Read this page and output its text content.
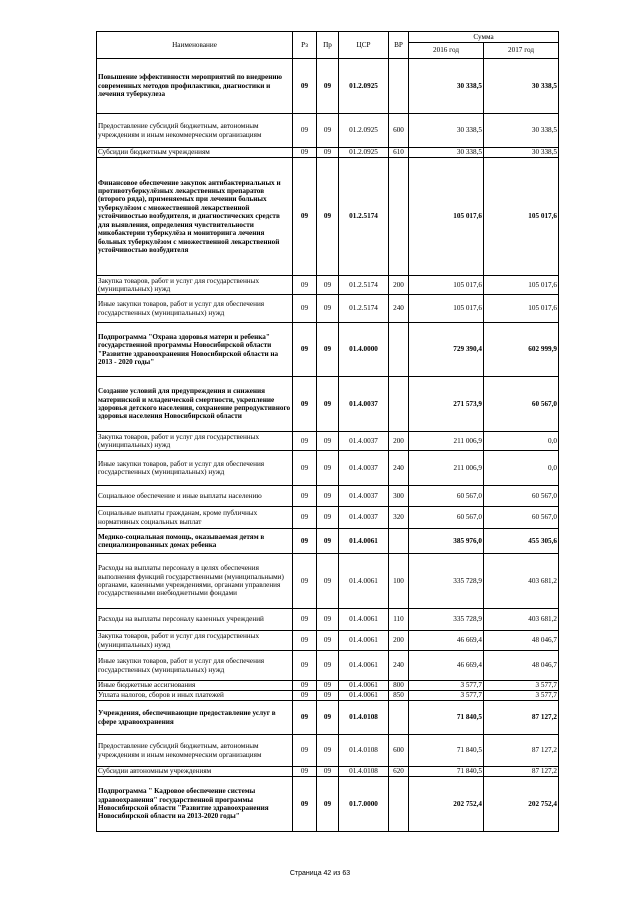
Наименование	Рз	Пр	ЦСР	ВР	Сумма	
					2016 год	2017 год
Повышение эффективности мероприятий по внедрению современных методов профилактики, диагностики и лечения туберкулеза	09	09	01.2.0925		30 338,5	30 338,5
Предоставление субсидий бюджетным, автономным учреждениям и иным некоммерческим организациям	09	09	01.2.0925	600	30 338,5	30 338,5
Субсидии бюджетным учреждениям	09	09	01.2.0925	610	30 338,5	30 338,5
Финансовое обеспечение закупок антибактериальных и противотуберкулёзных лекарственных препаратов (второго ряда), применяемых при лечении больных туберкулёзом с множественной лекарственной устойчивостью возбудителя, и диагностических средств для выявления, определения чувствительности микобактерии туберкулёза и мониторинга лечения больных туберкулёзом с множественной лекарственной устойчивостью возбудителя	09	09	01.2.5174		105 017,6	105 017,6
Закупка товаров, работ и услуг для государственных (муниципальных) нужд	09	09	01.2.5174	200	105 017,6	105 017,6
Иные закупки товаров, работ и услуг для обеспечения государственных (муниципальных) нужд	09	09	01.2.5174	240	105 017,6	105 017,6
Подпрограмма "Охрана здоровья матери и ребенка" государственной программы Новосибирской области "Развитие здравоохранения Новосибирской области на 2013 - 2020 годы"	09	09	01.4.0000		729 390,4	602 999,9
Создание условий для предупреждения и снижения материнской и младенческой смертности, укрепление здоровья детского населения, сохранение репродуктивного здоровья населения Новосибирской области	09	09	01.4.0037		271 573,9	60 567,0
Закупка товаров, работ и услуг для государственных (муниципальных) нужд	09	09	01.4.0037	200	211 006,9	0,0
Иные закупки товаров, работ и услуг для обеспечения государственных (муниципальных) нужд	09	09	01.4.0037	240	211 006,9	0,0
Социальное обеспечение и иные выплаты населению	09	09	01.4.0037	300	60 567,0	60 567,0
Социальные выплаты гражданам, кроме публичных нормативных социальных выплат	09	09	01.4.0037	320	60 567,0	60 567,0
Медико-социальная помощь, оказываемая детям в специализированных домах ребенка	09	09	01.4.0061		385 976,0	455 305,6
Расходы на выплаты персоналу в целях обеспечения выполнения функций государственными (муниципальными) органами, казенными учреждениями, органами управления государственными внебюджетными фондами	09	09	01.4.0061	100	335 728,9	403 681,2
Расходы на выплаты персоналу казенных учреждений	09	09	01.4.0061	110	335 728,9	403 681,2
Закупка товаров, работ и услуг для государственных (муниципальных) нужд	09	09	01.4.0061	200	46 669,4	48 046,7
Иные закупки товаров, работ и услуг для обеспечения государственных (муниципальных) нужд	09	09	01.4.0061	240	46 669,4	48 046,7
Иные бюджетные ассигнования	09	09	01.4.0061	800	3 577,7	3 577,7
Уплата налогов, сборов и иных платежей	09	09	01.4.0061	850	3 577,7	3 577,7
Учреждения, обеспечивающие предоставление услуг в сфере здравоохранения	09	09	01.4.0108		71 840,5	87 127,2
Предоставление субсидий бюджетным, автономным учреждениям и иным некоммерческим организациям	09	09	01.4.0108	600	71 840,5	87 127,2
Субсидии автономным учреждениям	09	09	01.4.0108	620	71 840,5	87 127,2
Подпрограмма " Кадровое обеспечение системы здравоохранения" государственной программы Новосибирской области "Развитие здравоохранения Новосибирской области на 2013-2020 годы"	09	09	01.7.0000		202 752,4	202 752,4
Страница 42 из 63
